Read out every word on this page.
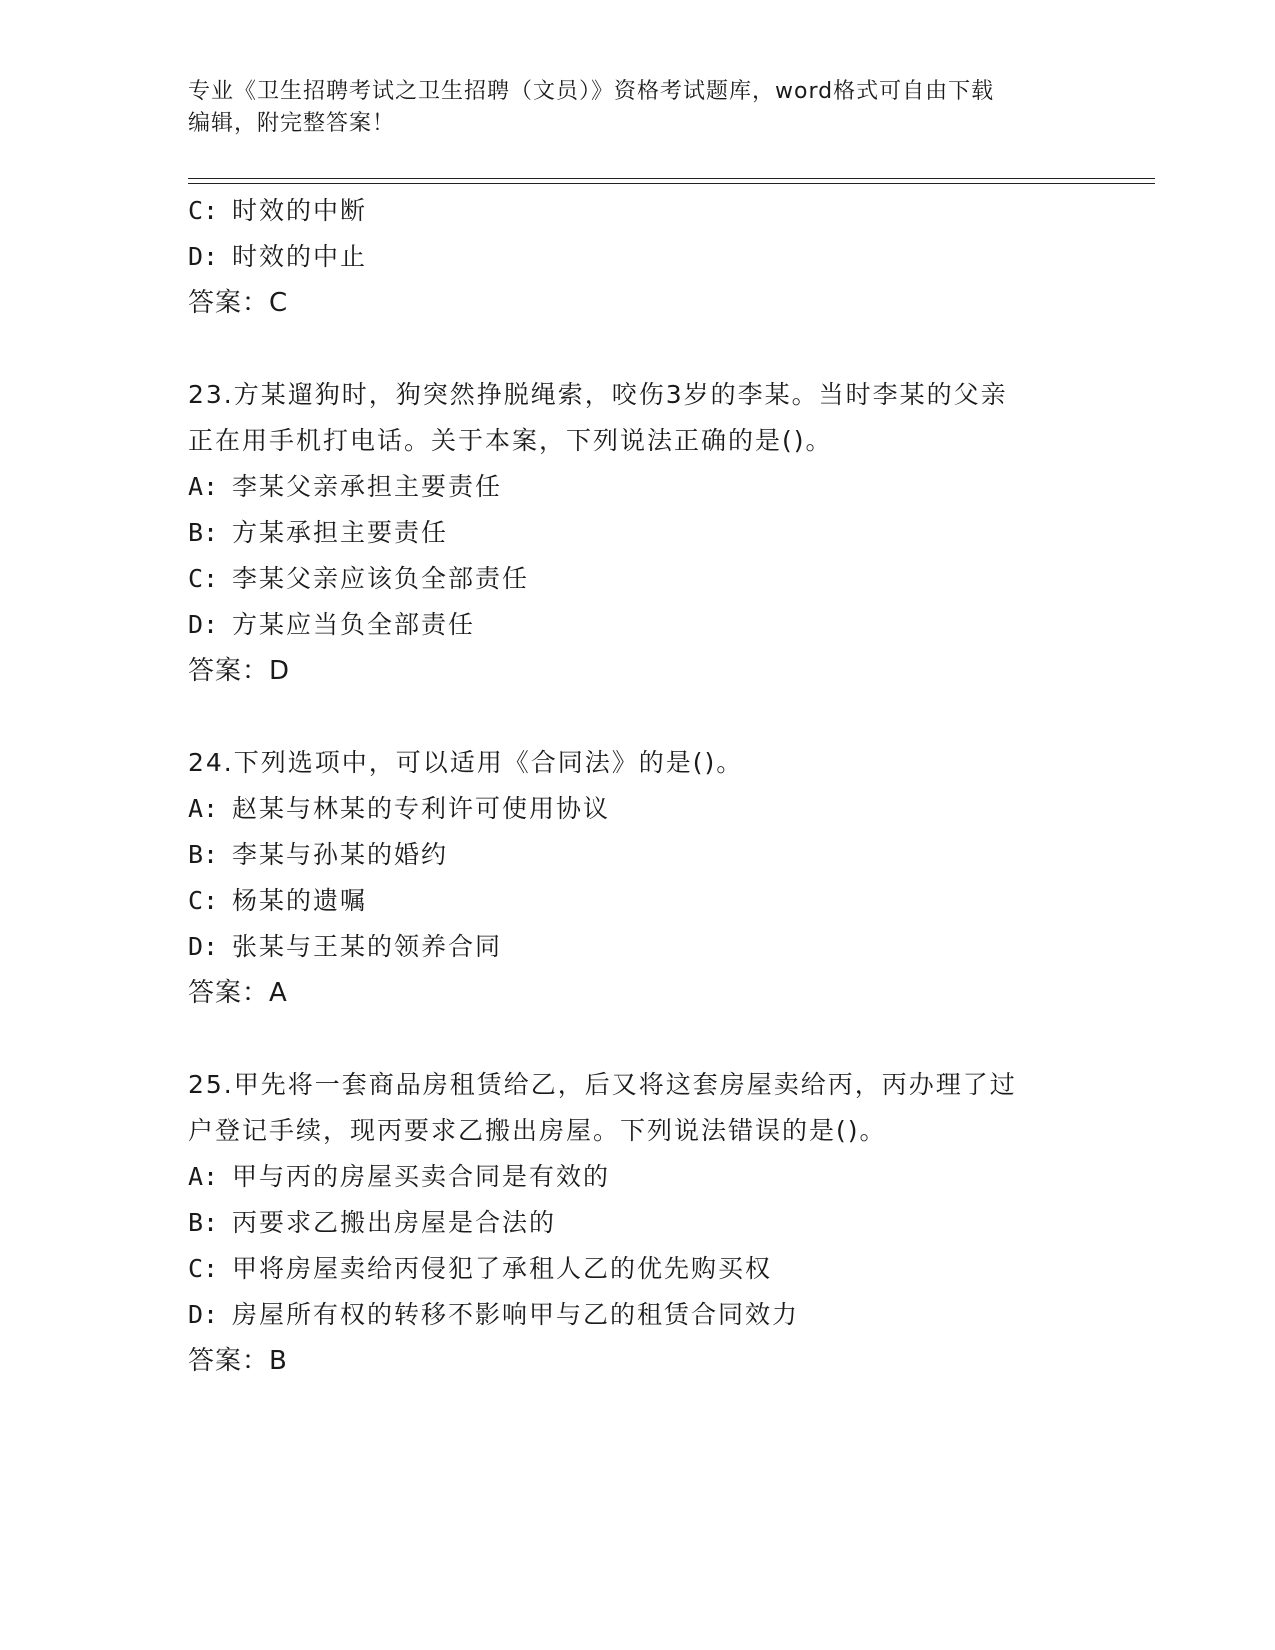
专业《卫生招聘考试之卫生招聘（文员）》资格考试题库，word格式可自由下载
编辑，附完整答案！
C: 时效的中断
D: 时效的中止
答案：C
23.方某遛狗时，狗突然挣脱绳索，咬伤3岁的李某。当时李某的父亲
正在用手机打电话。关于本案，下列说法正确的是()。
A: 李某父亲承担主要责任
B: 方某承担主要责任
C: 李某父亲应该负全部责任
D: 方某应当负全部责任
答案：D
24.下列选项中，可以适用《合同法》的是()。
A: 赵某与林某的专利许可使用协议
B: 李某与孙某的婚约
C: 杨某的遗嘱
D: 张某与王某的领养合同
答案：A
25.甲先将一套商品房租赁给乙，后又将这套房屋卖给丙，丙办理了过
户登记手续，现丙要求乙搬出房屋。下列说法错误的是()。
A: 甲与丙的房屋买卖合同是有效的
B: 丙要求乙搬出房屋是合法的
C: 甲将房屋卖给丙侵犯了承租人乙的优先购买权
D: 房屋所有权的转移不影响甲与乙的租赁合同效力
答案：B
